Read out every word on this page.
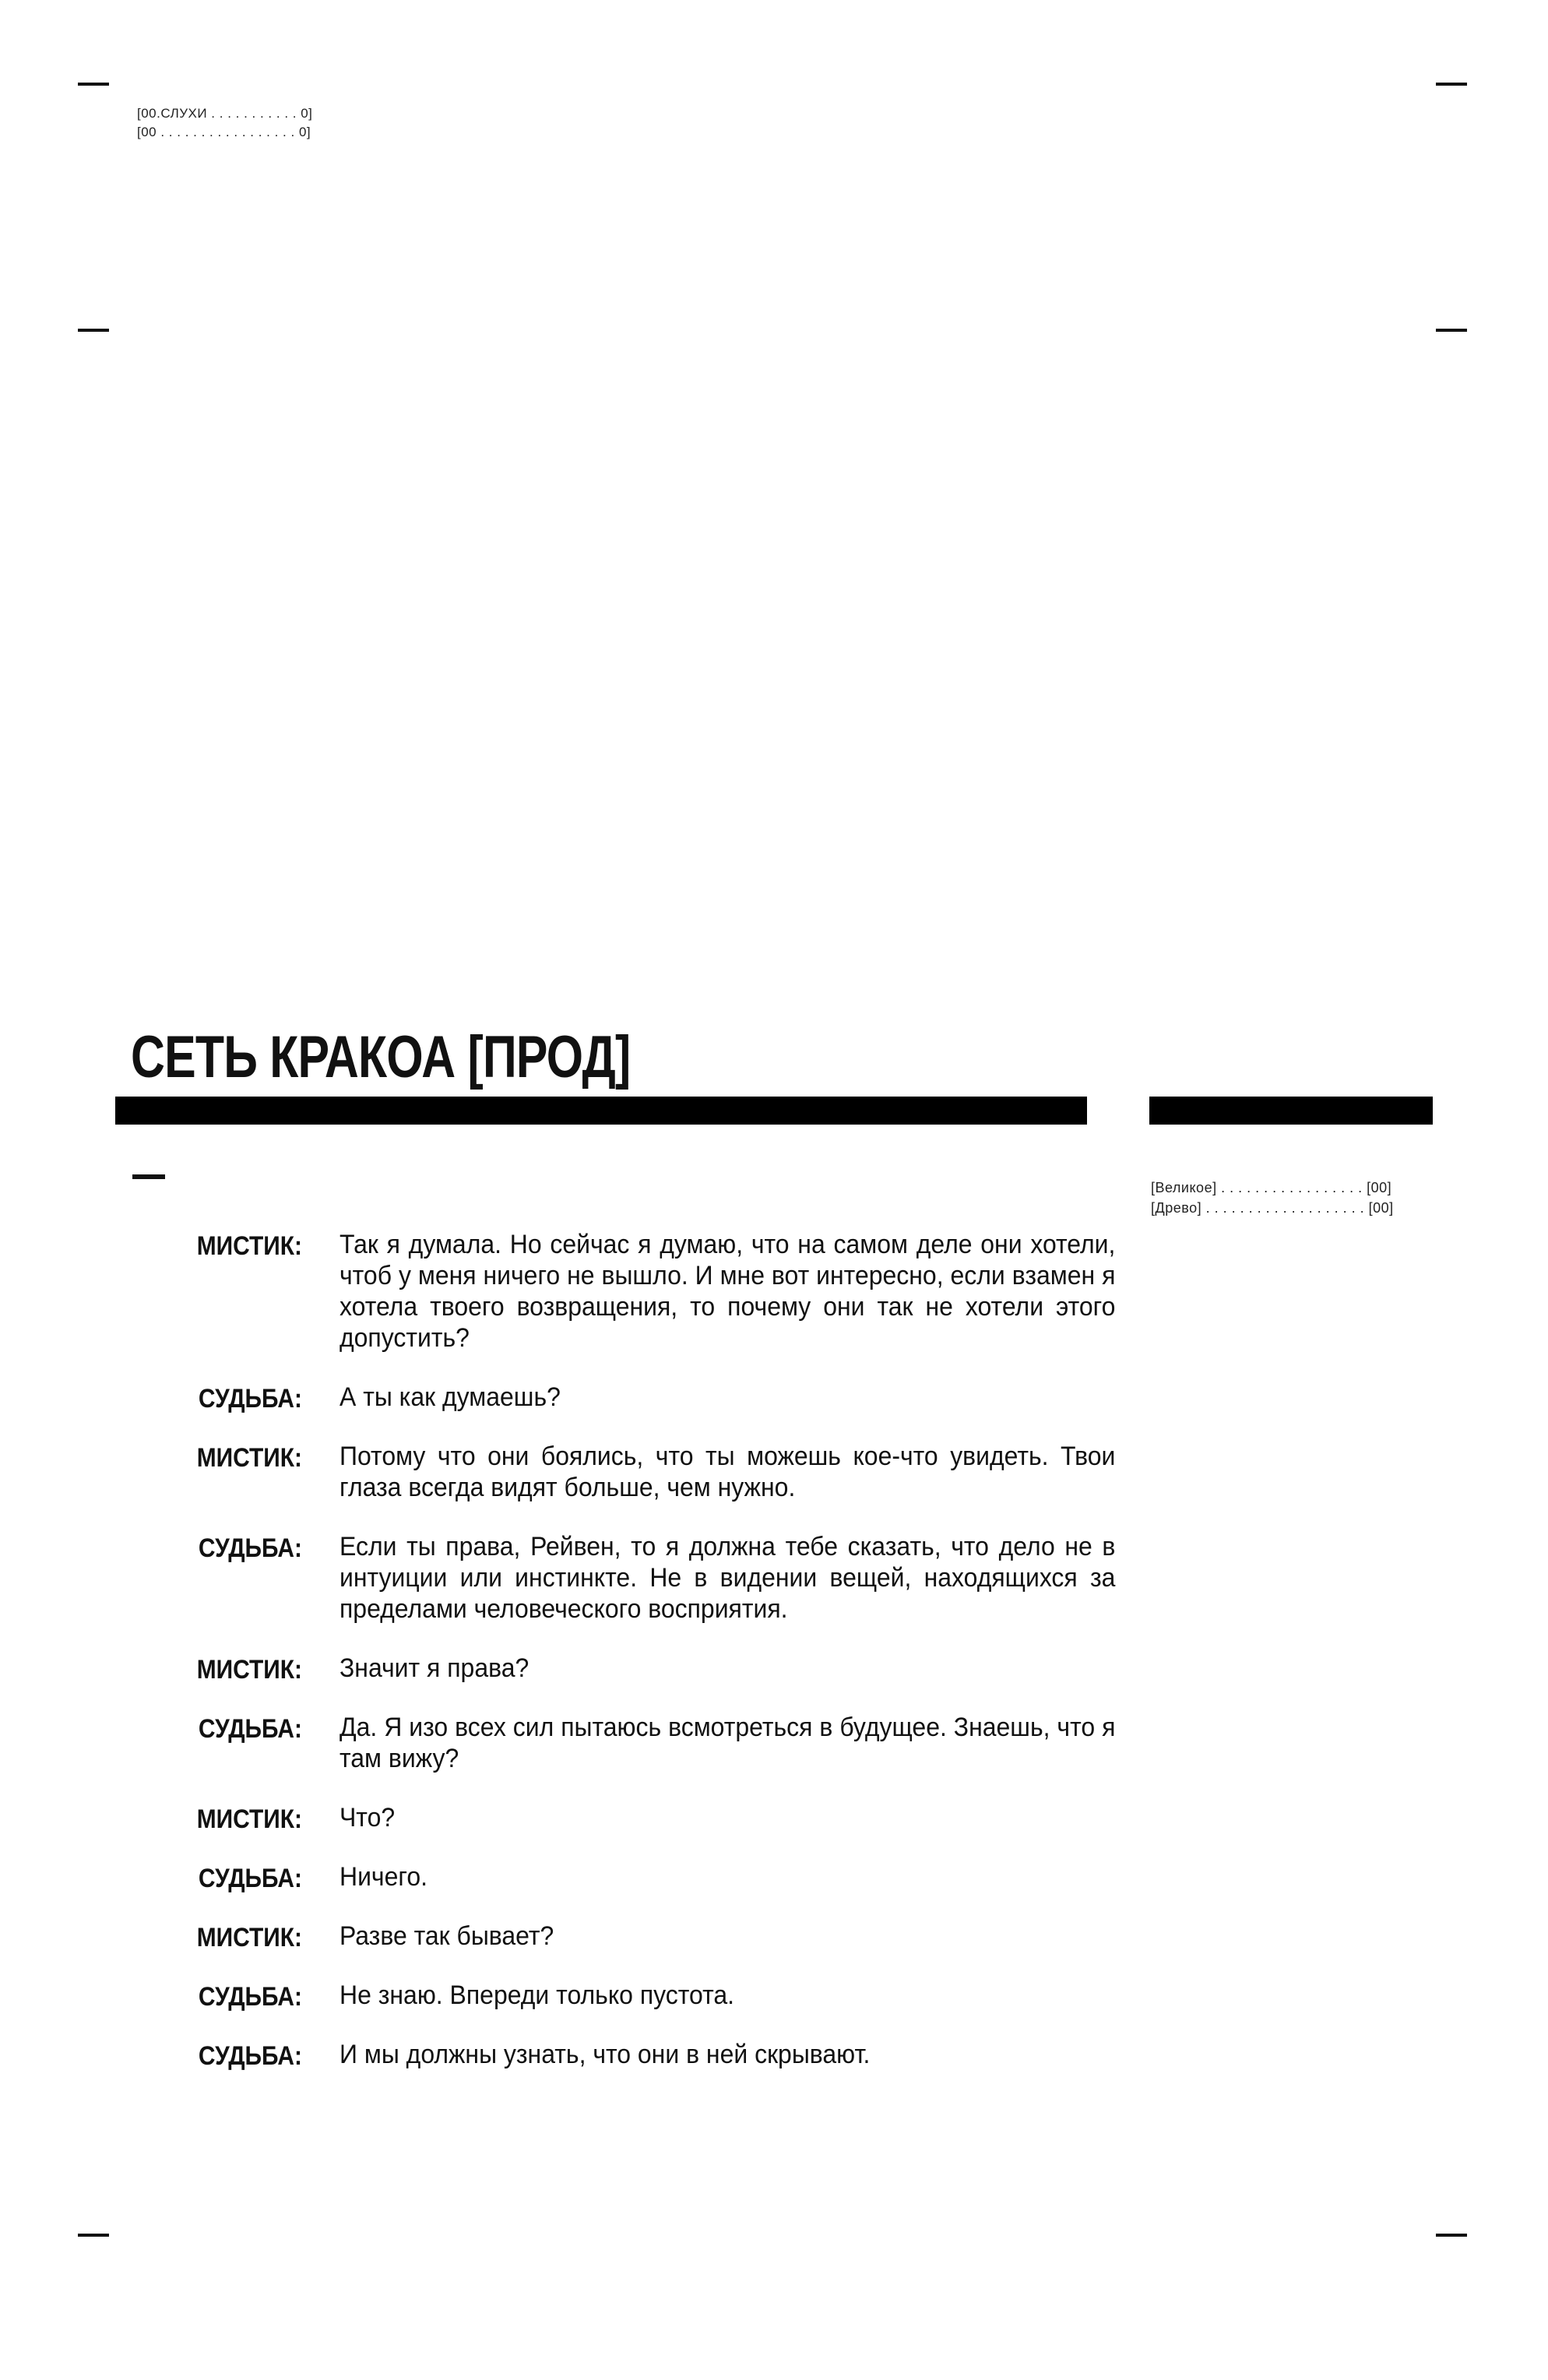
[00.СЛУХИ . . . . . . . . . . . 0]
[00 . . . . . . . . . . . . . . . . . 0]
СЕТЬ КРАКОА [ПРОД]
[Великое] . . . . . . . . . . . . . . . . . [00]
[Древо] . . . . . . . . . . . . . . . . . . . [00]
МИСТИК: Так я думала. Но сейчас я думаю, что на самом деле они хотели, чтоб у меня ничего не вышло. И мне вот интересно, если взамен я хотела твоего возвращения, то почему они так не хотели этого допустить?
СУДЬБА: А ты как думаешь?
МИСТИК: Потому что они боялись, что ты можешь кое-что увидеть. Твои глаза всегда видят больше, чем нужно.
СУДЬБА: Если ты права, Рейвен, то я должна тебе сказать, что дело не в интуиции или инстинкте. Не в видении вещей, находящихся за пределами человеческого восприятия.
МИСТИК: Значит я права?
СУДЬБА: Да. Я изо всех сил пытаюсь всмотреться в будущее. Знаешь, что я там вижу?
МИСТИК: Что?
СУДЬБА: Ничего.
МИСТИК: Разве так бывает?
СУДЬБА: Не знаю. Впереди только пустота.
СУДЬБА: И мы должны узнать, что они в ней скрывают.
